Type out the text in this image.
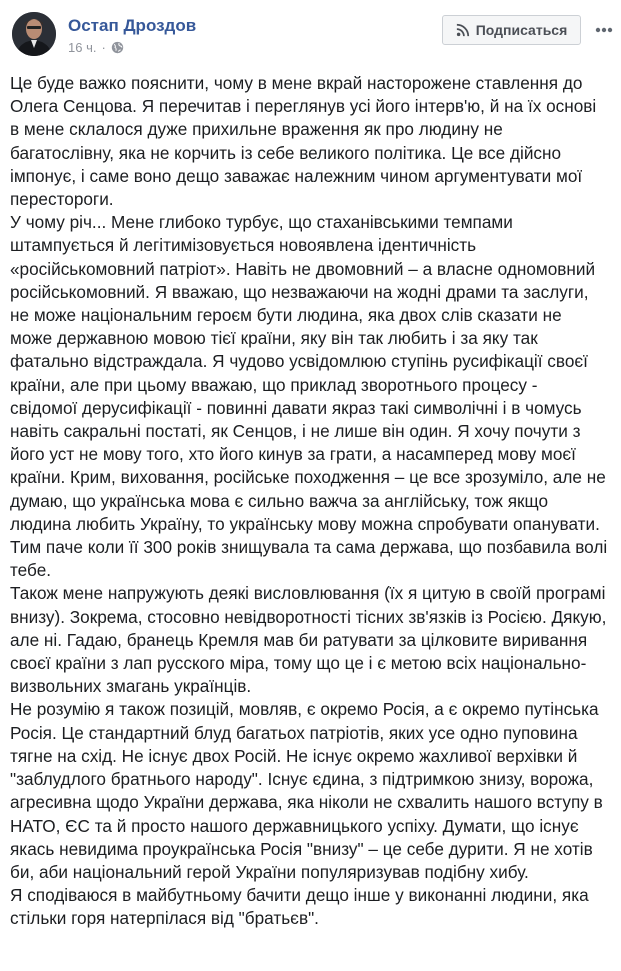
Остап Дроздов
16 ч. ·
Подписаться

Це буде важко пояснити, чому в мене вкрай насторожене ставлення до Олега Сенцова. Я перечитав і переглянув усі його інтерв'ю, й на їх основі в мене склалося дуже прихильне враження як про людину не багатослівну, яка не корчить із себе великого політика. Це все дійсно імпонує, і саме воно дещо заважає належним чином аргументувати мої перестороги.

У чому річ... Мене глибоко турбує, що стаханівськими темпами штампується й легітимізовується новоявлена ідентичність «російськомовний патріот». Навіть не двомовний – а власне одномовний російськомовний. Я вважаю, що незважаючи на жодні драми та заслуги, не може національним героєм бути людина, яка двох слів сказати не може державною мовою тієї країни, яку він так любить і за яку так фатально відстраждала. Я чудово усвідомлюю ступінь русифікації своєї країни, але при цьому вважаю, що приклад зворотнього процесу - свідомої дерусифікації - повинні давати якраз такі символічні і в чомусь навіть сакральні постаті, як Сенцов, і не лише він один. Я хочу почути з його уст не мову того, хто його кинув за грати, а насамперед мову моєї країни. Крим, виховання, російське походження – це все зрозуміло, але не думаю, що українська мова є сильно важча за англійську, тож якщо людина любить Україну, то українську мову можна спробувати опанувати. Тим паче коли її 300 років знищувала та сама держава, що позбавила волі тебе.

Також мене напружують деякі висловлювання (їх я цитую в своїй програмі внизу). Зокрема, стосовно невідворотності тісних зв'язків із Росією. Дякую, але ні. Гадаю, бранець Кремля мав би ратувати за цілковите виривання своєї країни з лап русского міра, тому що це і є метою всіх національно-визвольних змагань українців.

Не розумію я також позицій, мовляв, є окремо Росія, а є окремо путінська Росія. Це стандартний блуд багатьох патріотів, яких усе одно пуповина тягне на схід. Не існує двох Росій. Не існує окремо жахливої верхівки й "заблудлого братнього народу". Існує єдина, з підтримкою знизу, ворожа, агресивна щодо України держава, яка ніколи не схвалить нашого вступу в НАТО, ЄС та й просто нашого державницького успіху. Думати, що існує якась невидима проукраїнська Росія "внизу" – це себе дурити. Я не хотів би, аби національний герой України популяризував подібну хибу.

Я сподіваюся в майбутньому бачити дещо інше у виконанні людини, яка стільки горя натерпілася від "братьєв".
